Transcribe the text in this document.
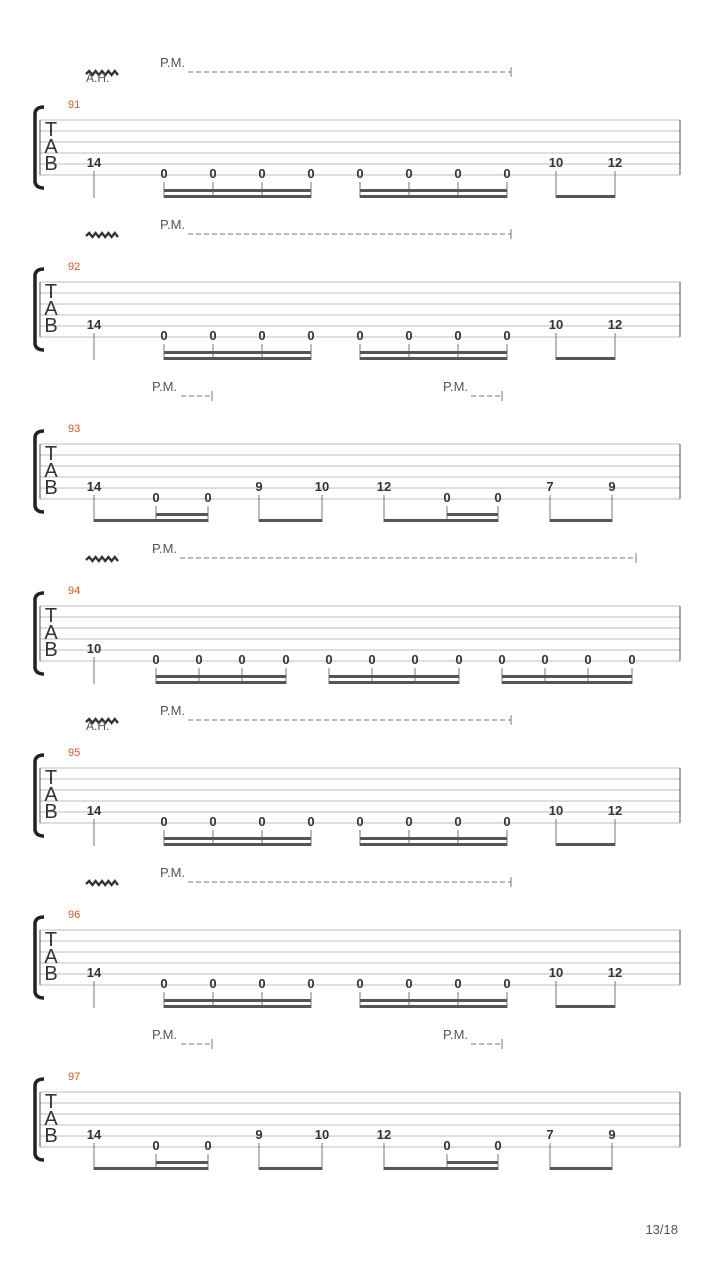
T
A
B
91
A.H.
P.M.
14
0	0	0	0	0	0	0	0
10	12
T
A
B
92
P.M.
14
0	0	0	0	0	0	0	0
10	12
T
A
B
93
P.M.	P.M.
14
0	0
9	10	12
0	0
7	9
T
A
B
94
P.M.
10
0	0	0	0	0	0	0	0	0	0	0	0
T
A
B
95
A.H.
P.M.
14
0	0	0	0	0	0	0	0
10	12
T
A
B
96
P.M.
14
0	0	0	0	0	0	0	0
10	12
T
A
B
97
P.M.	P.M.
14
0	0
9	10	12
0	0
7	9
13/18
